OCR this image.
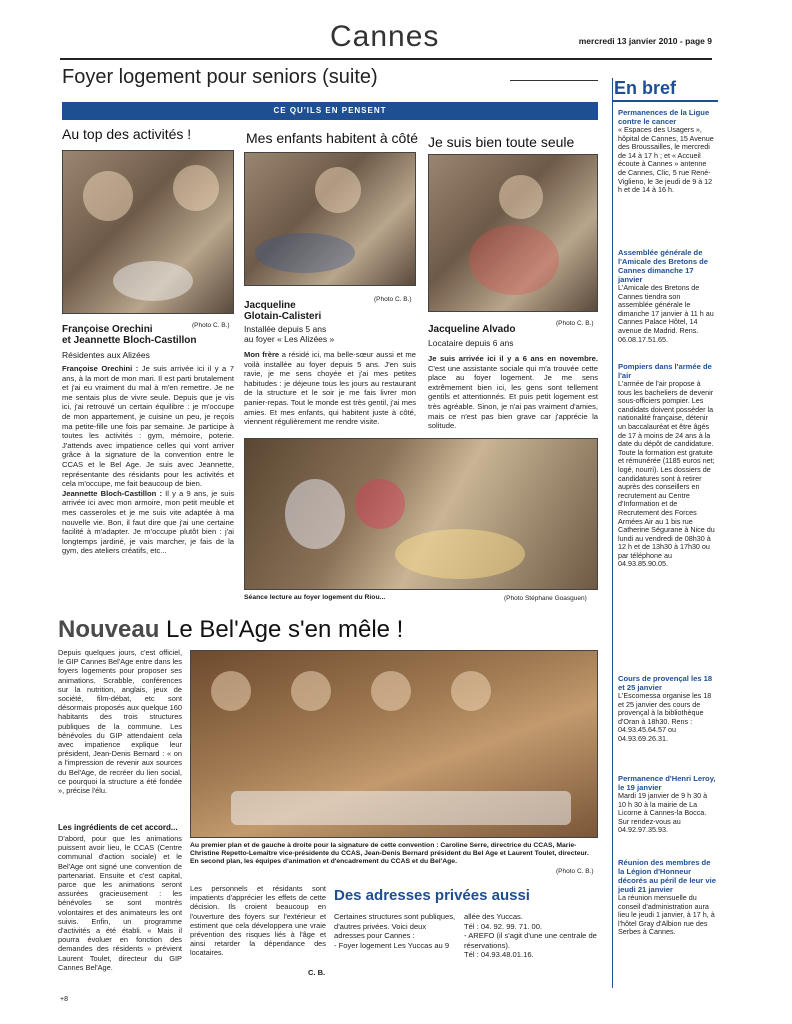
Cannes	mercredi 13 janvier 2010 - page 9
Foyer logement pour seniors (suite)
CE QU'ILS EN PENSENT
Au top des activités !
(Photo C. B.)
Françoise Orechini
et Jeannette Bloch-Castillon
Résidentes aux Alizées
Françoise Orechini : Je suis arrivée ici il y a 7 ans, à la mort de mon mari. Il est parti brutalement et j'ai eu vraiment du mal à m'en remettre. Je ne me sentais plus de vivre seule. Depuis que je vis ici, j'ai retrouvé un certain équilibre : je m'occupe de mon appartement, je cuisine un peu, je reçois ma petite-fille une fois par semaine. Je participe à toutes les activités : gym, mémoire, poterie. J'attends avec impatience celles qui vont arriver grâce à la signature de la convention entre le CCAS et le Bel Age. Je suis avec Jeannette, représentante des résidants pour les activités et cela m'occupe, me fait beaucoup de bien.
Jeannette Bloch-Castillon : Il y a 9 ans, je suis arrivée ici avec mon armoire, mon petit meuble et mes casseroles et je me suis vite adaptée à ma nouvelle vie. Bon, il faut dire que j'ai une certaine facilité à m'adapter. Je m'occupe plutôt bien : j'ai longtemps jardiné, je vais marcher, je fais de la gym, des ateliers créatifs, etc...
Mes enfants habitent à côté
(Photo C. B.)
Jacqueline
Glotain-Calisteri
Installée depuis 5 ans
au foyer « Les Alizées »
Mon frère a résidé ici, ma belle-sœur aussi et me voilà installée au foyer depuis 5 ans. J'en suis ravie, je me sens choyée et j'ai mes petites habitudes : je déjeune tous les jours au restaurant de la structure et le soir je me fais livrer mon panier-repas. Tout le monde est très gentil, j'ai mes amies. Et mes enfants, qui habitent juste à côté, viennent régulièrement me rendre visite.
Je suis bien toute seule
(Photo C. B.)
Jacqueline Alvado
Locataire depuis 6 ans
Je suis arrivée ici il y a 6 ans en novembre. C'est une assistante sociale qui m'a trouvée cette place au foyer logement. Je me sens extrêmement bien ici, les gens sont tellement gentils et attentionnés. Et puis petit logement est très agréable. Sinon, je n'ai pas vraiment d'amies, mais ce n'est pas bien grave car j'apprécie la solitude.
Séance lecture au foyer logement du Riou...	(Photo Stéphane Goasguen)
Nouveau Le Bel'Age s'en mêle !
Depuis quelques jours, c'est officiel, le GIP Cannes Bel'Age entre dans les foyers logements pour proposer ses animations. Scrabble, conférences sur la nutrition, anglais, jeux de société, film-débat, etc sont désormais proposés aux quelque 160 habitants des trois structures publiques de la commune. Les bénévoles du GIP attendaient cela avec impatience explique leur président, Jean-Denis Bernard : « on a l'impression de revenir aux sources du Bel'Age, de recréer du lien social, ce pourquoi la structure a été fondée », précise l'élu.
Les ingrédients de cet accord...
D'abord, pour que les animations puissent avoir lieu, le CCAS (Centre communal d'action sociale) et le Bel'Age ont signé une convention de partenariat. Ensuite et c'est capital, parce que les animations seront assurées gracieusement : les bénévoles se sont montrés volontaires et des animateurs les ont suivis. Enfin, un programme d'activités a été établi. « Mais il pourra évoluer en fonction des demandes des résidents » prévient Laurent Toulet, directeur du GIP Cannes Bel'Age.
Au premier plan et de gauche à droite pour la signature de cette convention : Caroline Serre, directrice du CCAS, Marie-Christine Repetto-Lemaître vice-présidente du CCAS, Jean-Denis Bernard président du Bel Age et Laurent Toulet, directeur. En second plan, les équipes d'animation et d'encadrement du CCAS et du Bel'Age.
(Photo C. B.)
Les personnels et résidants sont impatients d'apprécier les effets de cette décision. Ils croient beaucoup en l'ouverture des foyers sur l'extérieur et estiment que cela développera une vraie prévention des risques liés à l'âge et ainsi retarder la dépendance des locataires.
C. B.
Des adresses privées aussi
Certaines structures sont publiques, d'autres privées. Voici deux adresses pour Cannes :
- Foyer logement Les Yuccas au 9
allée des Yuccas.
Tél : 04. 92. 99. 71. 00.
- AREFO (il s'agit d'une une centrale de réservations).
Tél : 04.93.48.01.16.
En bref
Permanences de la Ligue contre le cancer
« Espaces des Usagers », hôpital de Cannes, 15 Avenue des Broussailles, le mercredi de 14 à 17 h ; et « Accueil écoute à Cannes » antenne de Cannes, Clic, 5 rue René-Viglieno, le 3e jeudi de 9 à 12 h et de 14 à 16 h.
Assemblée générale de l'Amicale des Bretons de Cannes dimanche 17 janvier
L'Amicale des Bretons de Cannes tiendra son assemblée générale le dimanche 17 janvier à 11 h au Cannes Palace Hôtel, 14 avenue de Madrid. Rens. 06.08.17.51.65.
Pompiers dans l'armée de l'air
L'armée de l'air propose à tous les bacheliers de devenir sous-officiers pompier. Les candidats doivent posséder la nationalité française, détenir un baccalauréat et être âgés de 17 à moins de 24 ans à la date du dépôt de candidature. Toute la formation est gratuite et rémunérée (1185 euros net; logé, nourri). Les dossiers de candidatures sont à retirer auprès des conseillers en recrutement au Centre d'Information et de Recrutement des Forces Armées Air au 1 bis rue Catherine Ségurane à Nice du lundi au vendredi de 08h30 à 12 h et de 13h30 à 17h30 ou par téléphone au 04.93.85.90.05.
Cours de provençal les 18 et 25 janvier
L'Escomessa organise les 18 et 25 janvier des cours de provençal à la bibliothèque d'Oran à 18h30. Rens : 04.93.45.64.57 ou 04.93.69.26.31.
Permanence d'Henri Leroy, le 19 janvier
Mardi 19 janvier de 9 h 30 à 10 h 30 à la mairie de La Licorne à Cannes-la Bocca. Sur rendez-vous au 04.92.97.35.93.
Réunion des membres de la Légion d'Honneur décorés au péril de leur vie jeudi 21 janvier
La réunion mensuelle du conseil d'administration aura lieu le jeudi 1 janvier, à 17 h, à l'hôtel Gray d'Albion rue des Serbes à Cannes.
+8
